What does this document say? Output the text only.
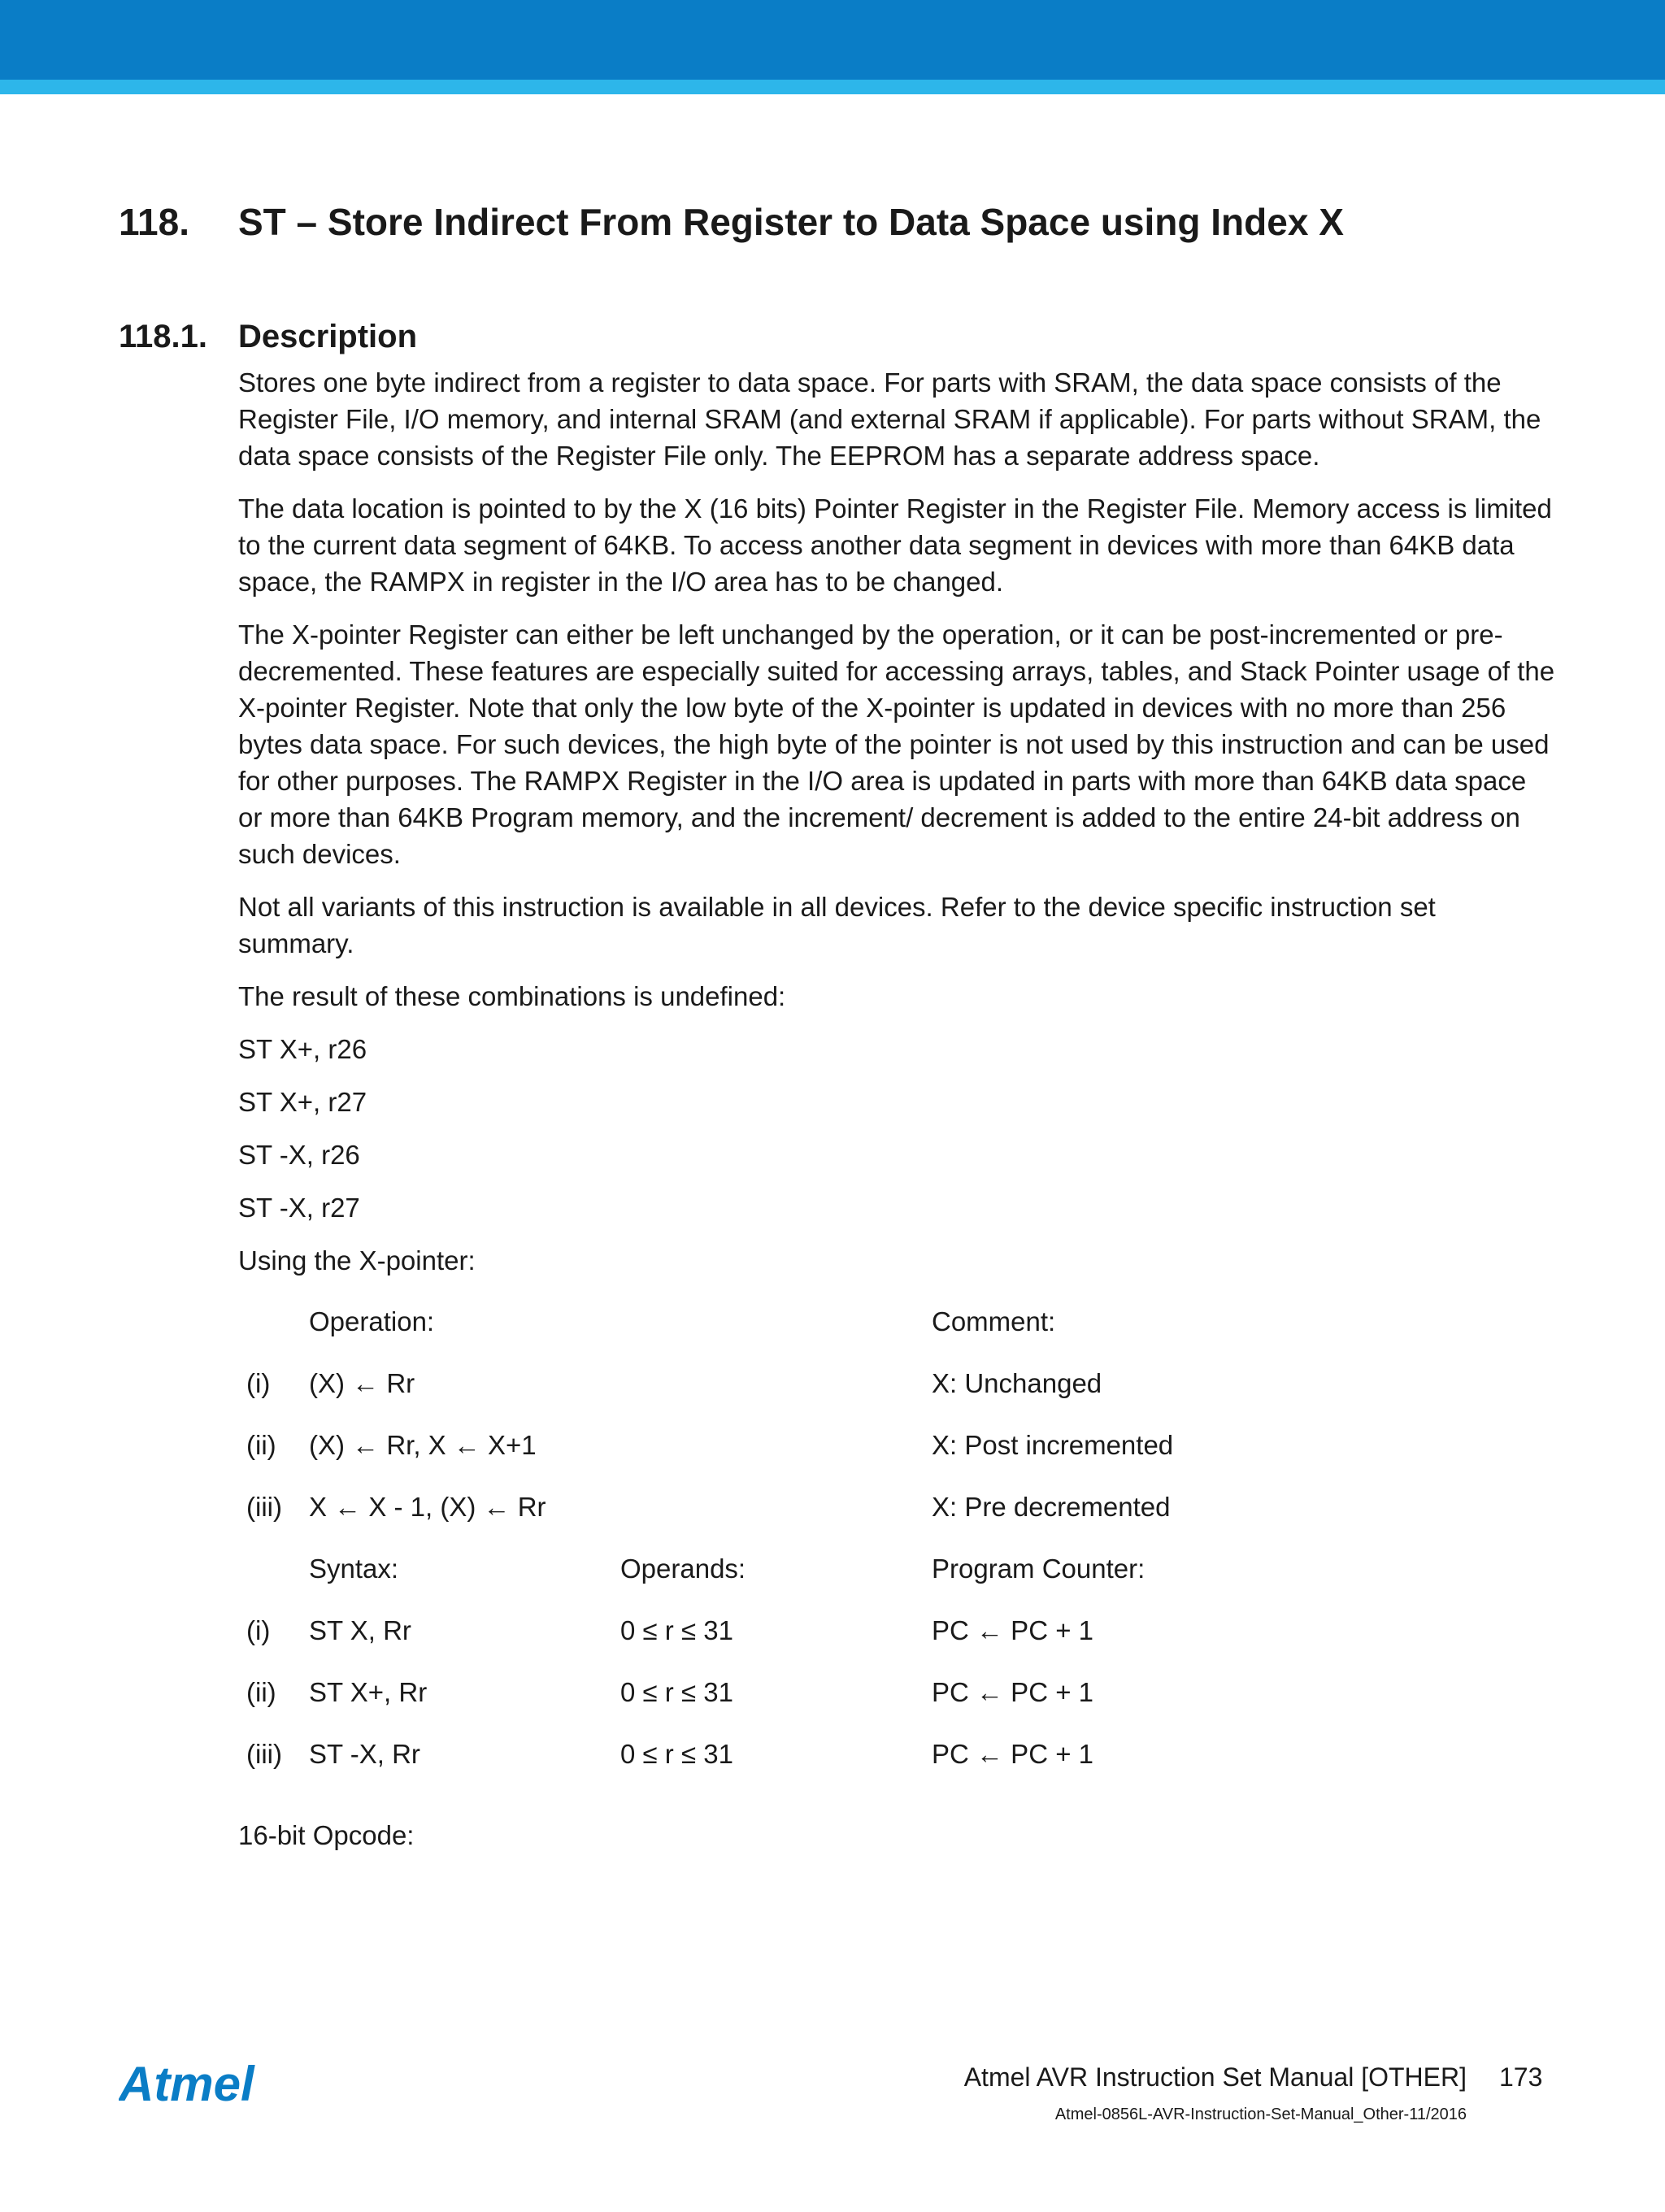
118. ST – Store Indirect From Register to Data Space using Index X
118.1. Description

Stores one byte indirect from a register to data space. For parts with SRAM, the data space consists of the Register File, I/O memory, and internal SRAM (and external SRAM if applicable). For parts without SRAM, the data space consists of the Register File only. The EEPROM has a separate address space.

The data location is pointed to by the X (16 bits) Pointer Register in the Register File. Memory access is limited to the current data segment of 64KB. To access another data segment in devices with more than 64KB data space, the RAMPX in register in the I/O area has to be changed.

The X-pointer Register can either be left unchanged by the operation, or it can be post-incremented or pre-decremented. These features are especially suited for accessing arrays, tables, and Stack Pointer usage of the X-pointer Register. Note that only the low byte of the X-pointer is updated in devices with no more than 256 bytes data space. For such devices, the high byte of the pointer is not used by this instruction and can be used for other purposes. The RAMPX Register in the I/O area is updated in parts with more than 64KB data space or more than 64KB Program memory, and the increment/ decrement is added to the entire 24-bit address on such devices.

Not all variants of this instruction is available in all devices. Refer to the device specific instruction set summary.

The result of these combinations is undefined:

ST X+, r26

ST X+, r27

ST -X, r26

ST -X, r27

Using the X-pointer:

Operation:	Comment:
(i) (X) ← Rr	X: Unchanged
(ii) (X) ← Rr, X ← X+1	X: Post incremented
(iii) X ← X - 1, (X) ← Rr	X: Pre decremented
Syntax:	Operands:	Program Counter:
(i) ST X, Rr	0 ≤ r ≤ 31	PC ← PC + 1
(ii) ST X+, Rr	0 ≤ r ≤ 31	PC ← PC + 1
(iii) ST -X, Rr	0 ≤ r ≤ 31	PC ← PC + 1
16-bit Opcode:
Atmel	Atmel AVR Instruction Set Manual [OTHER] 173
Atmel-0856L-AVR-Instruction-Set-Manual_Other-11/2016
